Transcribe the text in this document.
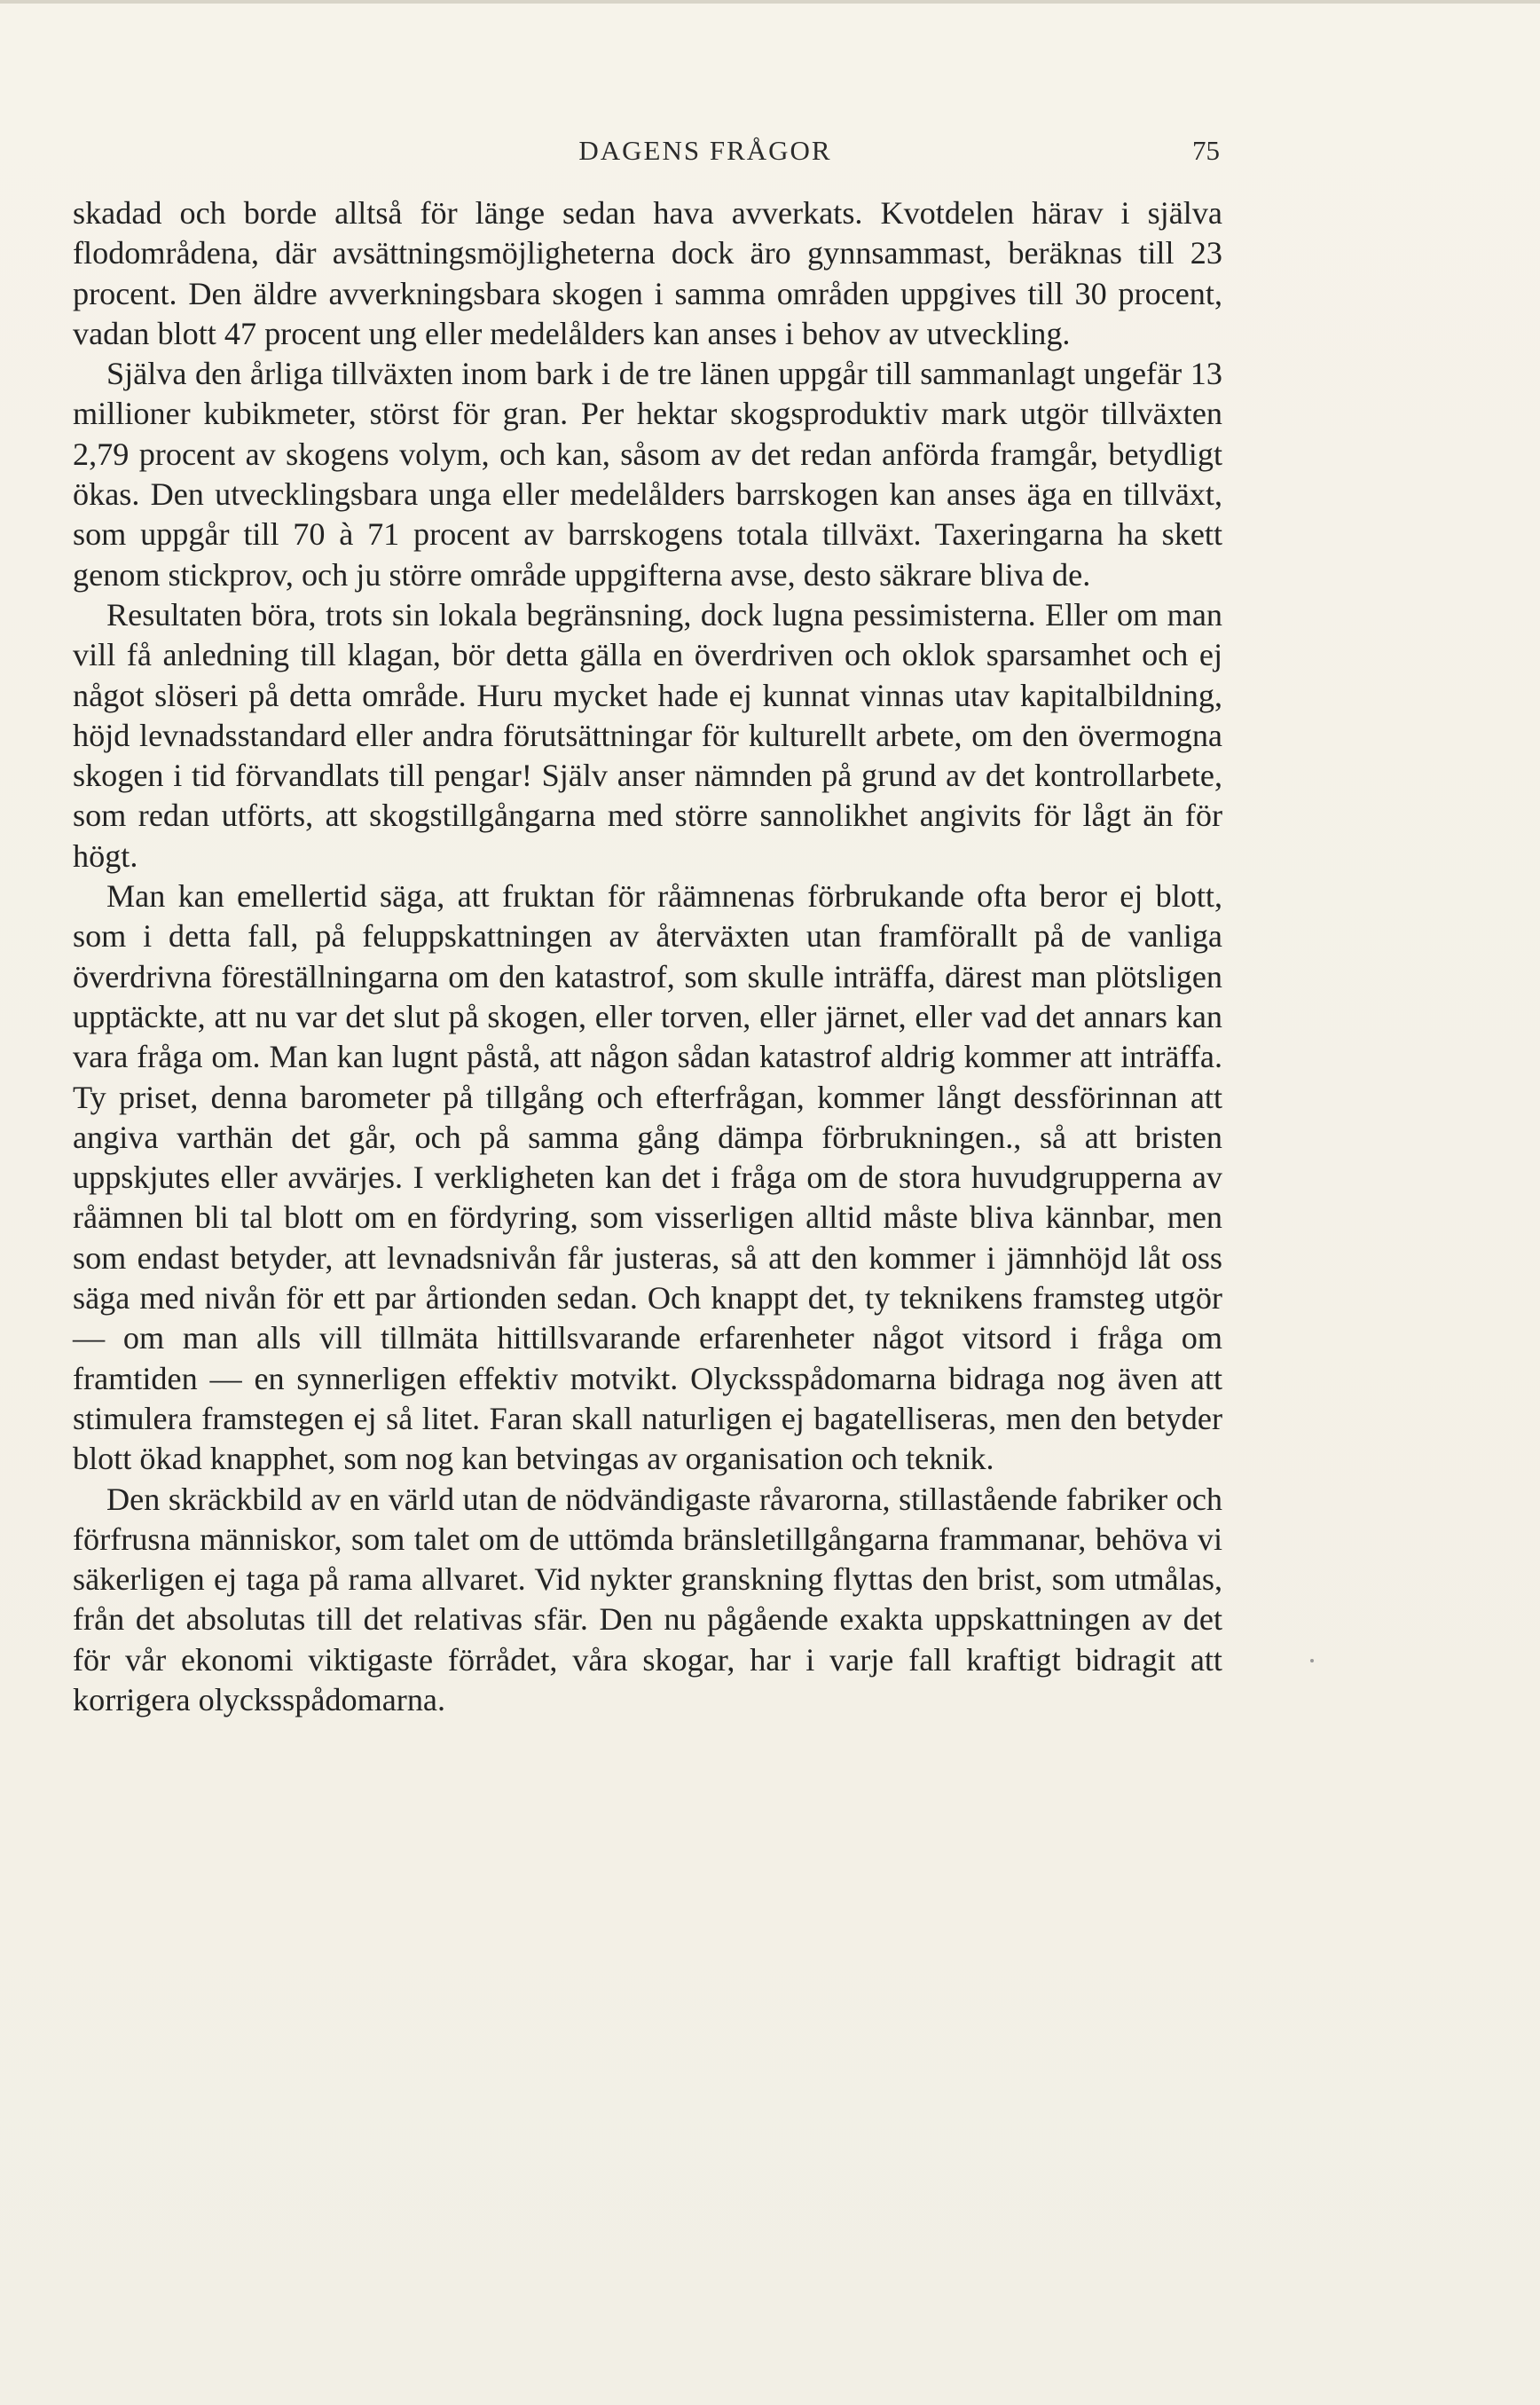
DAGENS FRÅGOR	75

skadad och borde alltså för länge sedan hava avverkats. Kvotdelen härav i själva flodområdena, där avsättningsmöjligheterna dock äro gynnsammast, beräknas till 23 procent. Den äldre avverkningsbara skogen i samma områden uppgives till 30 procent, vadan blott 47 procent ung eller medelålders kan anses i behov av utveckling.

Själva den årliga tillväxten inom bark i de tre länen uppgår till sammanlagt ungefär 13 millioner kubikmeter, störst för gran. Per hektar skogsproduktiv mark utgör tillväxten 2,79 procent av skogens volym, och kan, såsom av det redan anförda framgår, betydligt ökas. Den utvecklingsbara unga eller medelålders barrskogen kan anses äga en tillväxt, som uppgår till 70 à 71 procent av barrskogens totala tillväxt. Taxeringarna ha skett genom stickprov, och ju större område uppgifterna avse, desto säkrare bliva de.

Resultaten böra, trots sin lokala begränsning, dock lugna pessimisterna. Eller om man vill få anledning till klagan, bör detta gälla en överdriven och oklok sparsamhet och ej något slöseri på detta område. Huru mycket hade ej kunnat vinnas utav kapitalbildning, höjd levnadsstandard eller andra förutsättningar för kulturellt arbete, om den övermogna skogen i tid förvandlats till pengar! Själv anser nämnden på grund av det kontrollarbete, som redan utförts, att skogstillgångarna med större sannolikhet angivits för lågt än för högt.

Man kan emellertid säga, att fruktan för råämnenas förbrukande ofta beror ej blott, som i detta fall, på feluppskattningen av återväxten utan framförallt på de vanliga överdrivna föreställningarna om den katastrof, som skulle inträffa, därest man plötsligen upptäckte, att nu var det slut på skogen, eller torven, eller järnet, eller vad det annars kan vara fråga om. Man kan lugnt påstå, att någon sådan katastrof aldrig kommer att inträffa. Ty priset, denna barometer på tillgång och efterfrågan, kommer långt dessförinnan att angiva varthän det går, och på samma gång dämpa förbrukningen., så att bristen uppskjutes eller avvärjes. I verkligheten kan det i fråga om de stora huvudgrupperna av råämnen bli tal blott om en fördyring, som visserligen alltid måste bliva kännbar, men som endast betyder, att levnadsnivån får justeras, så att den kommer i jämnhöjd låt oss säga med nivån för ett par årtionden sedan. Och knappt det, ty teknikens framsteg utgör — om man alls vill tillmäta hittillsvarande erfarenheter något vitsord i fråga om framtiden — en synnerligen effektiv motvikt. Olycksspådomarna bidraga nog även att stimulera framstegen ej så litet. Faran skall naturligen ej bagatelliseras, men den betyder blott ökad knapphet, som nog kan betvingas av organisation och teknik.

Den skräckbild av en värld utan de nödvändigaste råvarorna, stillastående fabriker och förfrusna människor, som talet om de uttömda bränsletillgångarna frammanar, behöva vi säkerligen ej taga på rama allvaret. Vid nykter granskning flyttas den brist, som utmålas, från det absolutas till det relativas sfär. Den nu pågående exakta uppskattningen av det för vår ekonomi viktigaste förrådet, våra skogar, har i varje fall kraftigt bidragit att korrigera olycksspådomarna.
